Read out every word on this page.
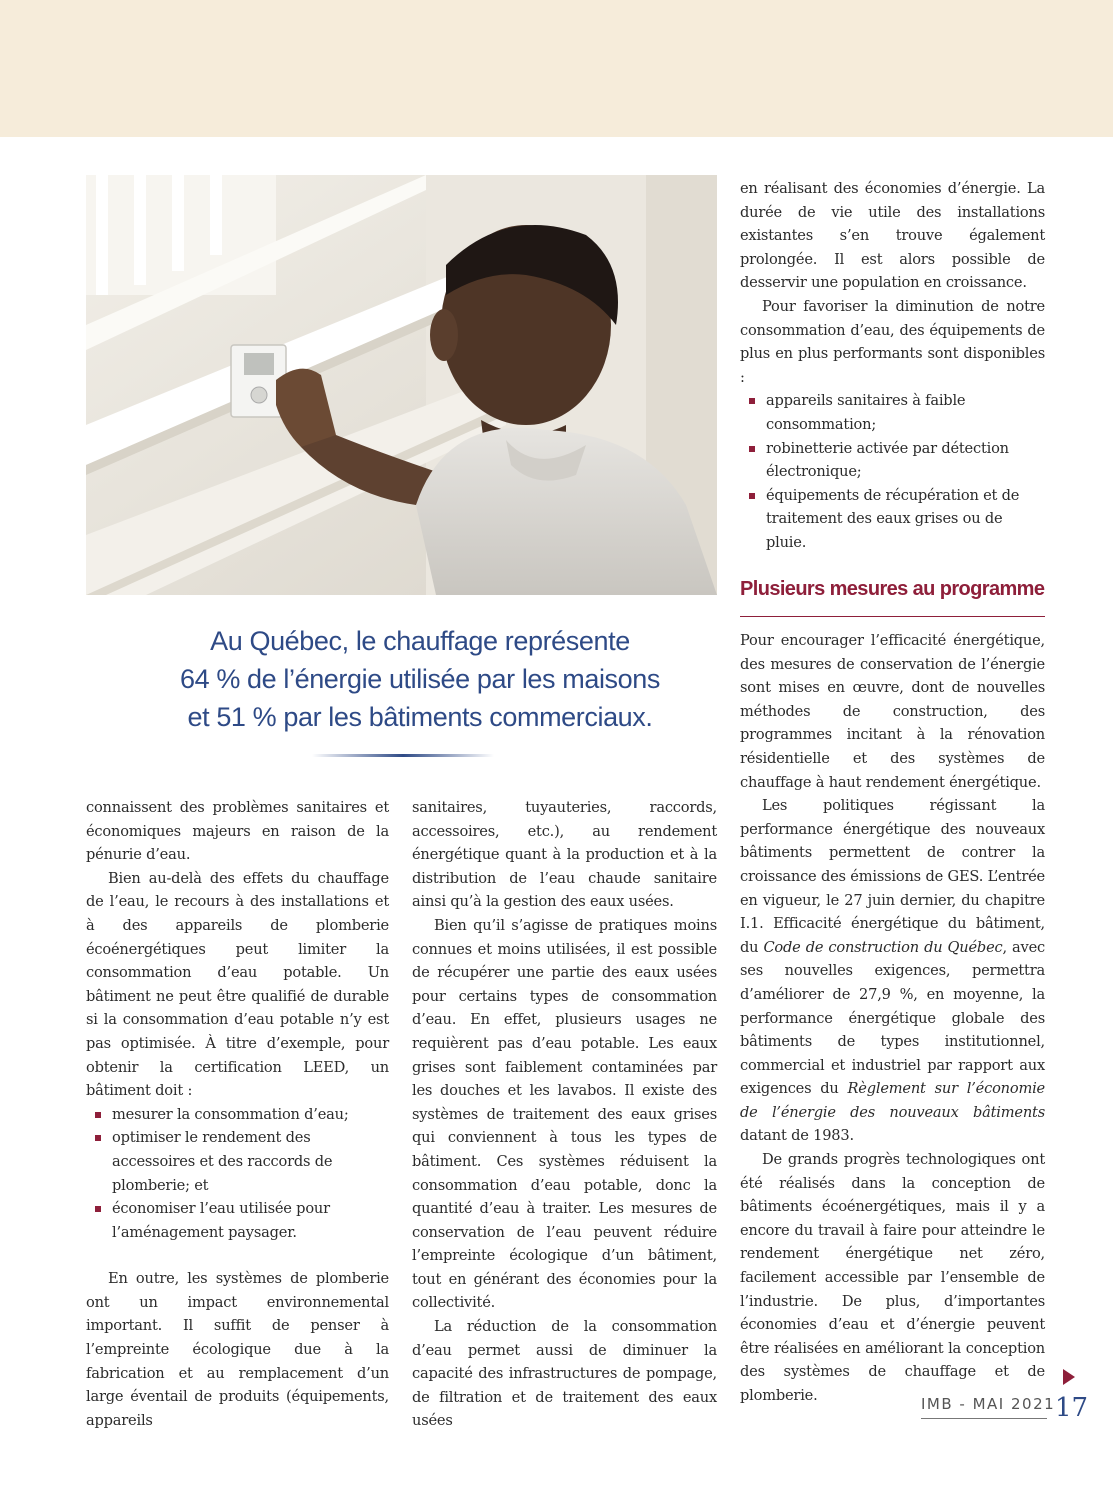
Au Québec, le chauffage représente
64 % de l’énergie utilisée par les maisons
et 51 % par les bâtiments commerciaux.

connaissent des problèmes sanitaires et économiques majeurs en raison de la pénurie d’eau.

Bien au-delà des effets du chauffage de l’eau, le recours à des installations et à des appareils de plomberie écoénergétiques peut limiter la consommation d’eau potable. Un bâtiment ne peut être qualifié de durable si la consommation d’eau potable n’y est pas optimisée. À titre d’exemple, pour obtenir la certification LEED, un bâtiment doit :

mesurer la consommation d’eau;
optimiser le rendement des accessoires et des raccords de plomberie; et
économiser l’eau utilisée pour l’aménagement paysager.

En outre, les systèmes de plomberie ont un impact environnemental important. Il suffit de penser à l’empreinte écologique due à la fabrication et au remplacement d’un large éventail de produits (équipements, appareils

sanitaires, tuyauteries, raccords, accessoires, etc.), au rendement énergétique quant à la production et à la distribution de l’eau chaude sanitaire ainsi qu’à la gestion des eaux usées.

Bien qu’il s’agisse de pratiques moins connues et moins utilisées, il est possible de récupérer une partie des eaux usées pour certains types de consommation d’eau. En effet, plusieurs usages ne requièrent pas d’eau potable. Les eaux grises sont faiblement contaminées par les douches et les lavabos. Il existe des systèmes de traitement des eaux grises qui conviennent à tous les types de bâtiment. Ces systèmes réduisent la consommation d’eau potable, donc la quantité d’eau à traiter. Les mesures de conservation de l’eau peuvent réduire l’empreinte écologique d’un bâtiment, tout en générant des économies pour la collectivité.

La réduction de la consommation d’eau permet aussi de diminuer la capacité des infrastructures de pompage, de filtration et de traitement des eaux usées

en réalisant des économies d’énergie. La durée de vie utile des installations existantes s’en trouve également prolongée. Il est alors possible de desservir une population en croissance.

Pour favoriser la diminution de notre consommation d’eau, des équipements de plus en plus performants sont disponibles :

appareils sanitaires à faible consommation;
robinetterie activée par détection électronique;
équipements de récupération et de traitement des eaux grises ou de pluie.
Plusieurs mesures au programme

Pour encourager l’efficacité énergétique, des mesures de conservation de l’énergie sont mises en œuvre, dont de nouvelles méthodes de construction, des programmes incitant à la rénovation résidentielle et des systèmes de chauffage à haut rendement énergétique.

Les politiques régissant la performance énergétique des nouveaux bâtiments permettent de contrer la croissance des émissions de GES. L’entrée en vigueur, le 27 juin dernier, du chapitre I.1. Efficacité énergétique du bâtiment, du Code de construction du Québec, avec ses nouvelles exigences, permettra d’améliorer de 27,9 %, en moyenne, la performance énergétique globale des bâtiments de types institutionnel, commercial et industriel par rapport aux exigences du Règlement sur l’économie de l’énergie des nouveaux bâtiments datant de 1983.

De grands progrès technologiques ont été réalisés dans la conception de bâtiments écoénergétiques, mais il y a encore du travail à faire pour atteindre le rendement énergétique net zéro, facilement accessible par l’ensemble de l’industrie. De plus, d’importantes économies d’eau et d’énergie peuvent être réalisées en améliorant la conception des systèmes de chauffage et de plomberie.	IMB - MAI 2021 17
